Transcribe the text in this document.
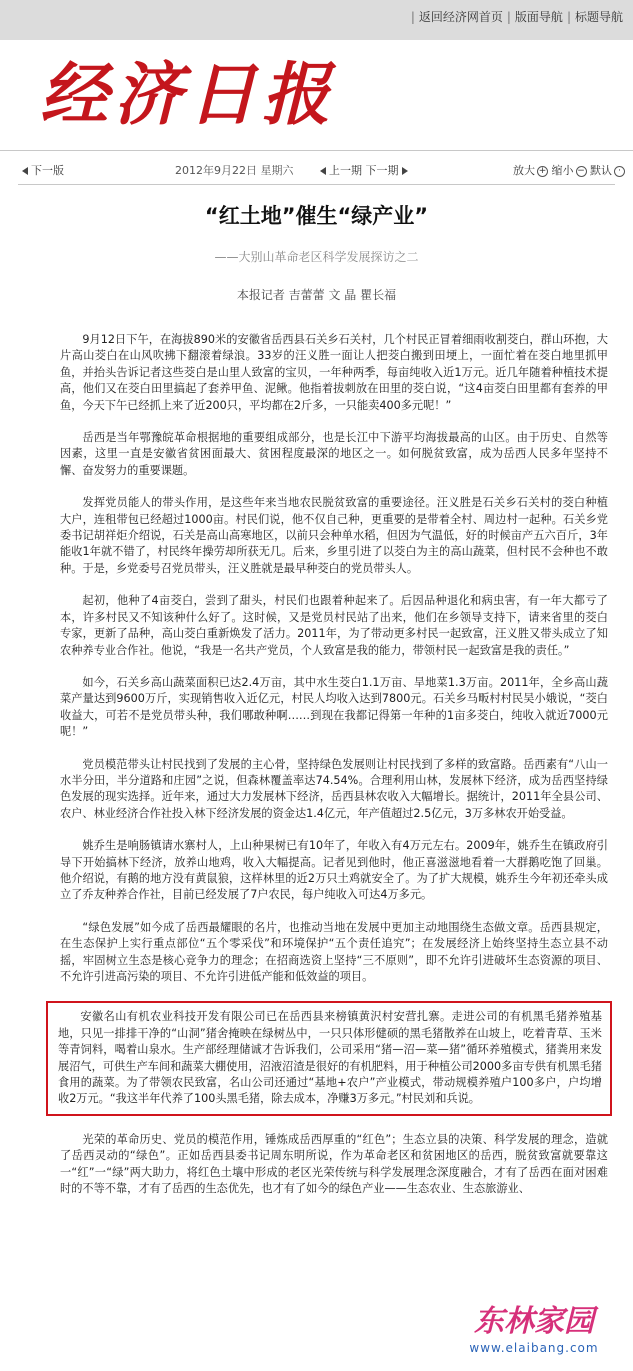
| 返回经济网首页 | 版面导航 | 标题导航
经济日报
下一版	2012年9月22日 星期六	上一期 下一期	放大 + 缩小 − 默认 ·
“红土地”催生“绿产业”
——大别山革命老区科学发展探访之二
本报记者 吉蕾蕾 文 晶 瞿长福

9月12日下午，在海拔890米的安徽省岳西县石关乡石关村，几个村民正冒着细雨收割茭白，群山环抱，大片高山茭白在山风吹拂下翻滚着绿浪。33岁的汪义胜一面让人把茭白搬到田埂上，一面忙着在茭白地里抓甲鱼，并抬头告诉记者这些茭白是山里人致富的宝贝，一年种两季，每亩纯收入近1万元。近几年随着种植技术提高，他们又在茭白田里搞起了套养甲鱼、泥鳅。他指着拔刺放在田里的茭白说，“这4亩茭白田里都有套养的甲鱼，今天下午已经抓上来了近200只，平均都在2斤多，一只能卖400多元呢！”

岳西是当年鄂豫皖革命根据地的重要组成部分，也是长江中下游平均海拔最高的山区。由于历史、自然等因素，这里一直是安徽省贫困面最大、贫困程度最深的地区之一。如何脱贫致富，成为岳西人民多年坚持不懈、奋发努力的重要课题。

发挥党员能人的带头作用，是这些年来当地农民脱贫致富的重要途径。汪义胜是石关乡石关村的茭白种植大户，连租带包已经超过1000亩。村民们说，他不仅自己种，更重要的是带着全村、周边村一起种。石关乡党委书记胡祥炬介绍说，石关是高山高寒地区，以前只会种单水稻，但因为气温低，好的时候亩产五六百斤，3年能收1年就不错了，村民终年操劳却所获无几。后来，乡里引进了以茭白为主的高山蔬菜，但村民不会种也不敢种。于是，乡党委号召党员带头，汪义胜就是最早种茭白的党员带头人。

起初，他种了4亩茭白，尝到了甜头，村民们也跟着种起来了。后因品种退化和病虫害，有一年大都亏了本，许多村民又不知该种什么好了。这时候，又是党员村民站了出来，他们在乡领导支持下，请来省里的茭白专家，更新了品种，高山茭白重新焕发了活力。2011年，为了带动更多村民一起致富，汪义胜又带头成立了知农种养专业合作社。他说，“我是一名共产党员，个人致富是我的能力，带领村民一起致富是我的责任。”

如今，石关乡高山蔬菜面积已达2.4万亩，其中水生茭白1.1万亩、旱地菜1.3万亩。2011年，全乡高山蔬菜产量达到9600万斤，实现销售收入近亿元，村民人均收入达到7800元。石关乡马畈村村民吴小娥说，“茭白收益大，可若不是党员带头种，我们哪敢种啊……到现在我都记得第一年种的1亩多茭白，纯收入就近7000元呢！”

党员模范带头让村民找到了发展的主心骨，坚持绿色发展则让村民找到了多样的致富路。岳西素有“八山一水半分田，半分道路和庄园”之说，但森林覆盖率达74.54%。合理利用山林，发展林下经济，成为岳西坚持绿色发展的现实选择。近年来，通过大力发展林下经济，岳西县林农收入大幅增长。据统计，2011年全县公司、农户、林业经济合作社投入林下经济发展的资金达1.4亿元，年产值超过2.5亿元，3万多林农开始受益。

姚乔生是响肠镇请水寨村人，上山种果树已有10年了，年收入有4万元左右。2009年，姚乔生在镇政府引导下开始搞林下经济，放养山地鸡，收入大幅提高。记者见到他时，他正喜滋滋地看着一大群鹅吃饱了回巢。他介绍说，有鹅的地方没有黄鼠狼，这样林里的近2万只土鸡就安全了。为了扩大规模，姚乔生今年初还牵头成立了乔友种养合作社，目前已经发展了7户农民，每户纯收入可达4万多元。

“绿色发展”如今成了岳西最耀眼的名片，也推动当地在发展中更加主动地围绕生态做文章。岳西县规定，在生态保护上实行重点部位“五个零采伐”和环境保护“五个责任追究”；在发展经济上始终坚持生态立县不动摇，牢固树立生态是核心竞争力的理念；在招商选资上坚持“三不原则”，即不允许引进破坏生态资源的项目、不允许引进高污染的项目、不允许引进低产能和低效益的项目。

安徽名山有机农业科技开发有限公司已在岳西县来榜镇黄沢村安营扎寨。走进公司的有机黑毛猪养殖基地，只见一排排干净的“山洞”猪舍掩映在绿树丛中，一只只体形健硕的黑毛猪散养在山坡上，吃着青草、玉米等青饲料，喝着山泉水。生产部经理储诚才告诉我们，公司采用“猪—沼—菜—猪”循环养殖模式，猪粪用来发展沼气，可供生产车间和蔬菜大棚使用，沼液沼渣是很好的有机肥料，用于种植公司2000多亩专供有机黑毛猪食用的蔬菜。为了带领农民致富，名山公司还通过“基地+农户”产业模式，带动规模养殖户100多户，户均增收2万元。“我这半年代养了100头黑毛猪，除去成本，净赚3万多元。”村民刘和兵说。

光荣的革命历史、党员的模范作用，锤炼成岳西厚重的“红色”；生态立县的决策、科学发展的理念，造就了岳西灵动的“绿色”。正如岳西县委书记周东明所说，作为革命老区和贫困地区的岳西，脱贫致富就要靠这一“红”一“绿”两大助力，将红色土壤中形成的老区光荣传统与科学发展理念深度融合，才有了岳西在面对困难时的不等不靠，才有了岳西的生态优先，也才有了如今的绿色产业——生态农业、生态旅游业、

东林家园
www.elaibang.com
